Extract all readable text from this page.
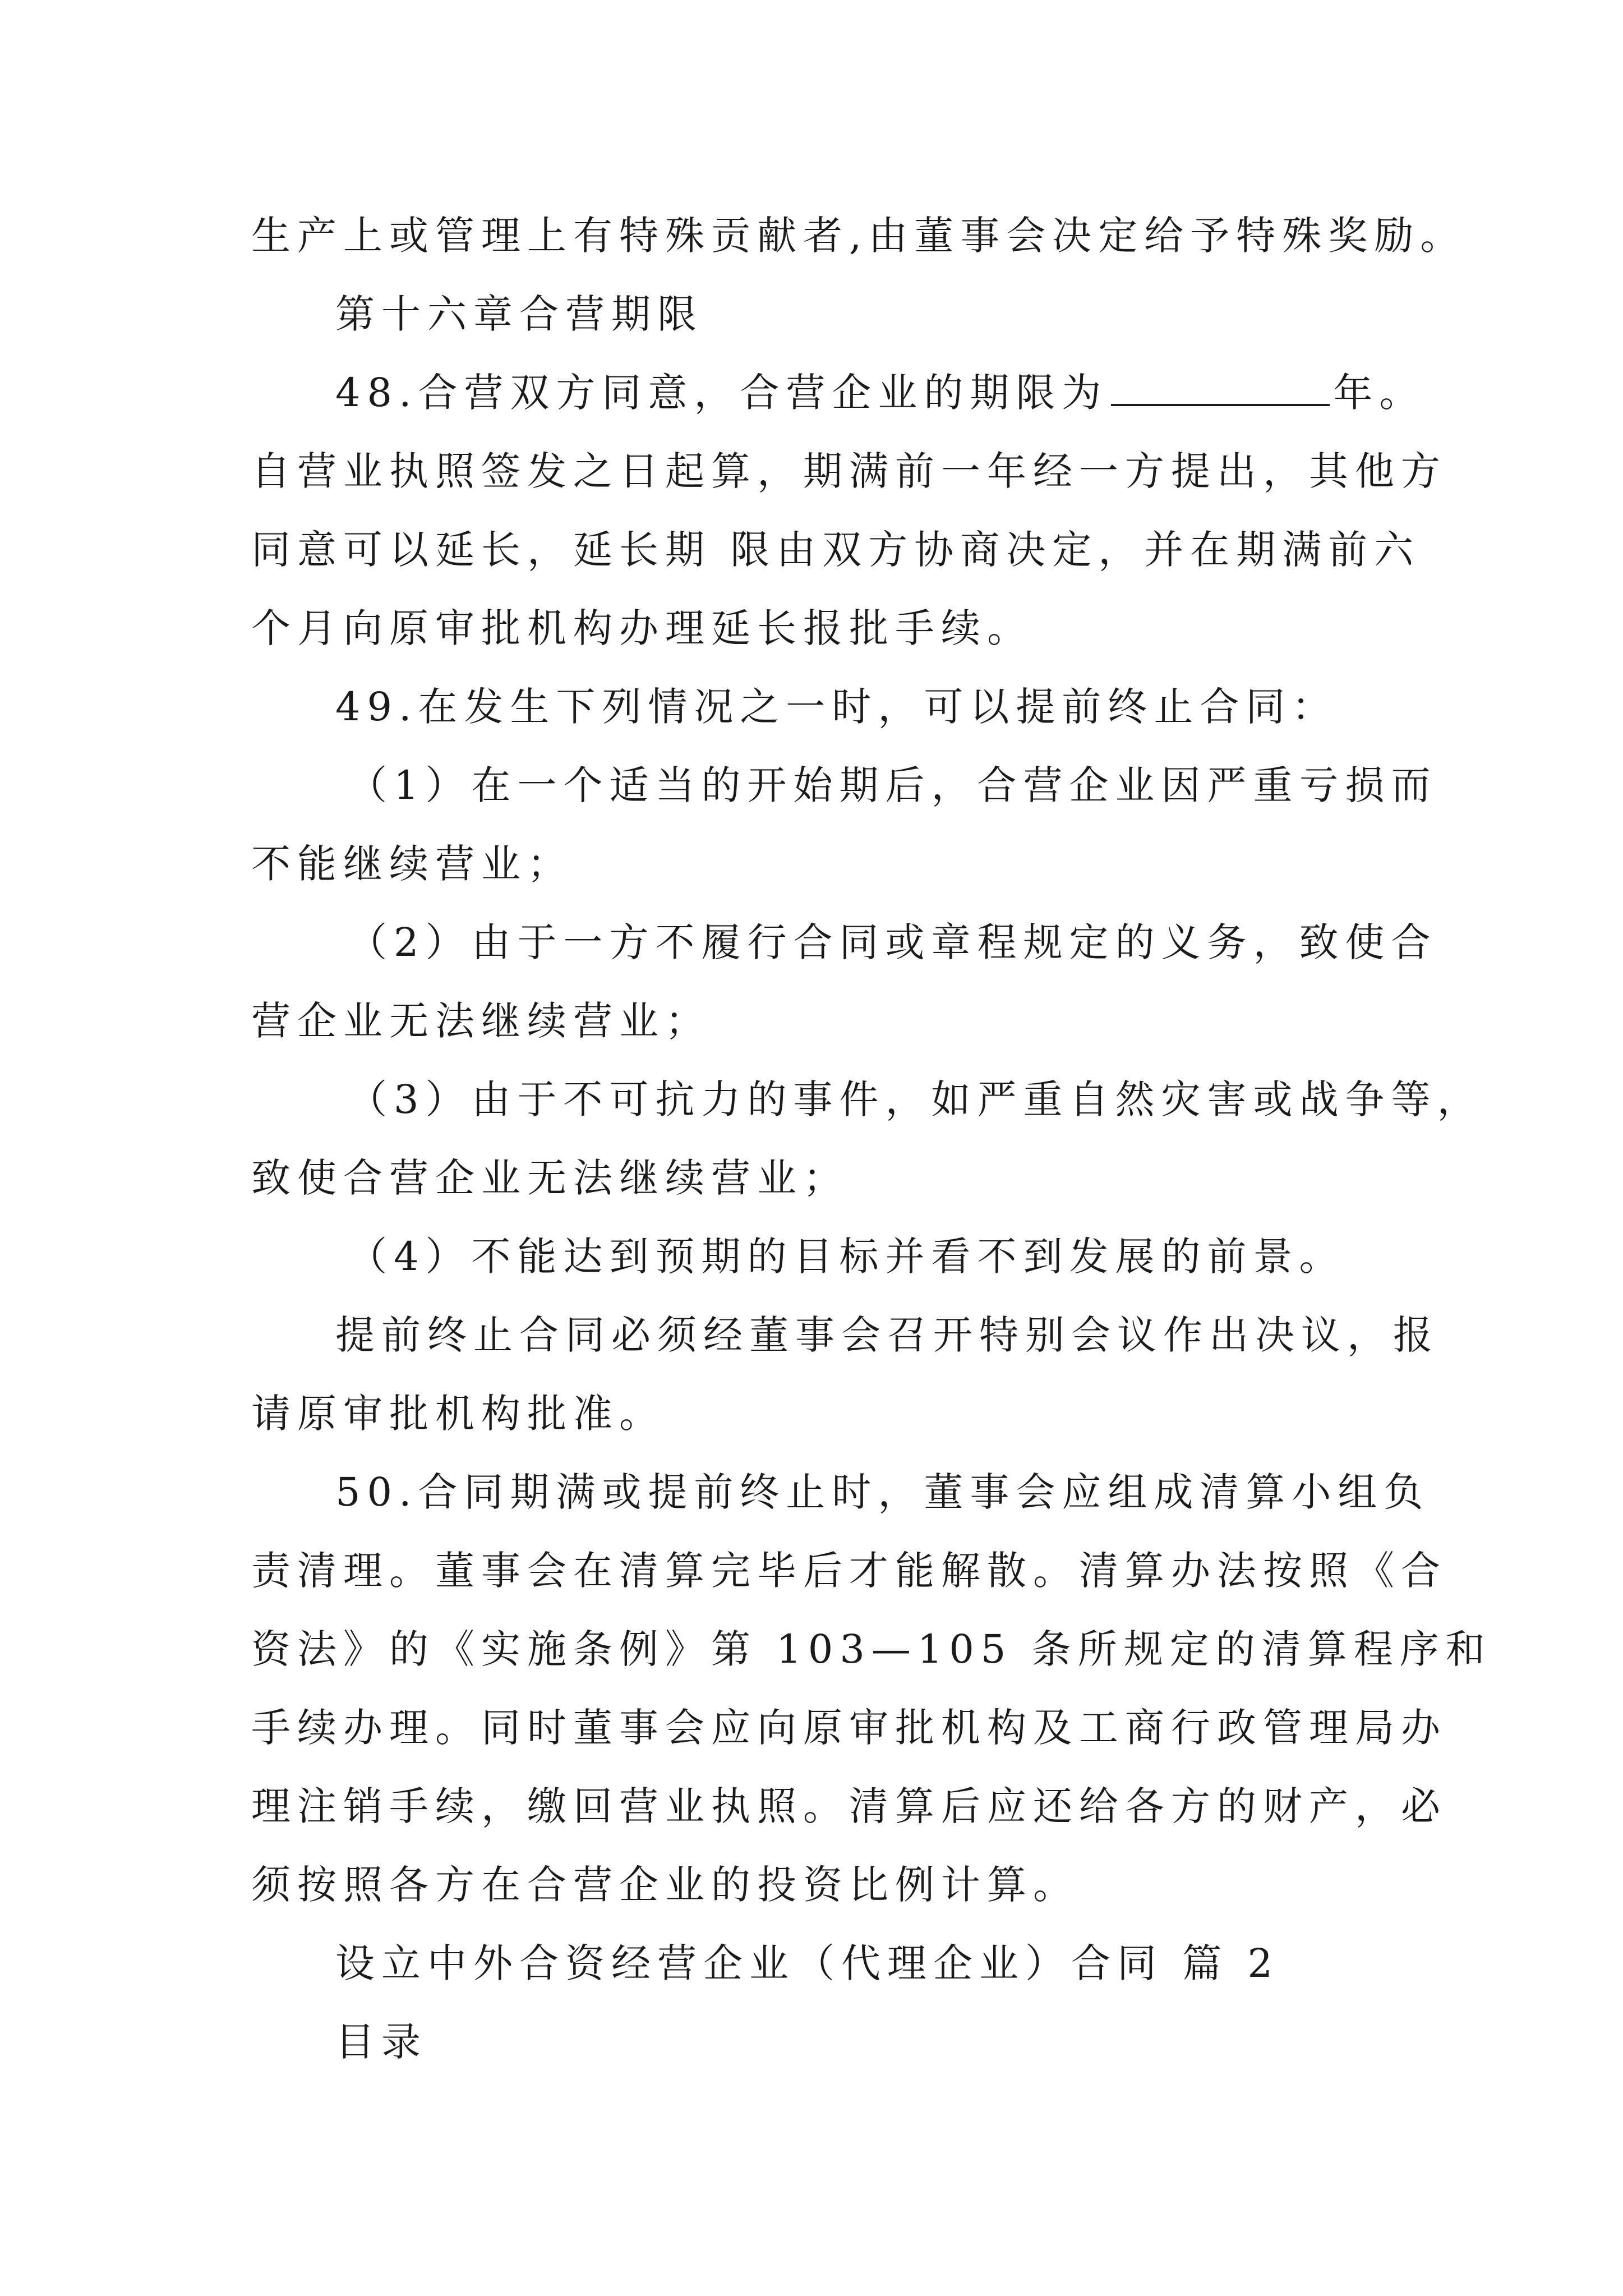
生产上或管理上有特殊贡献者,由董事会决定给予特殊奖励。
第十六章合营期限
48.合营双方同意，合营企业的期限为	年。
自营业执照签发之日起算，期满前一年经一方提出，其他方
同意可以延长，延长期 限由双方协商决定，并在期满前六
个月向原审批机构办理延长报批手续。
49.在发生下列情况之一时，可以提前终止合同：
（1）在一个适当的开始期后，合营企业因严重亏损而
不能继续营业；
（2）由于一方不履行合同或章程规定的义务，致使合
营企业无法继续营业；
（3）由于不可抗力的事件，如严重自然灾害或战争等，
致使合营企业无法继续营业；
（4）不能达到预期的目标并看不到发展的前景。
提前终止合同必须经董事会召开特别会议作出决议，报
请原审批机构批准。
50.合同期满或提前终止时，董事会应组成清算小组负
责清理。董事会在清算完毕后才能解散。清算办法按照《合
资法》的《实施条例》第 103—105 条所规定的清算程序和
手续办理。同时董事会应向原审批机构及工商行政管理局办
理注销手续，缴回营业执照。清算后应还给各方的财产，必
须按照各方在合营企业的投资比例计算。
设立中外合资经营企业（代理企业）合同 篇 2
目录
